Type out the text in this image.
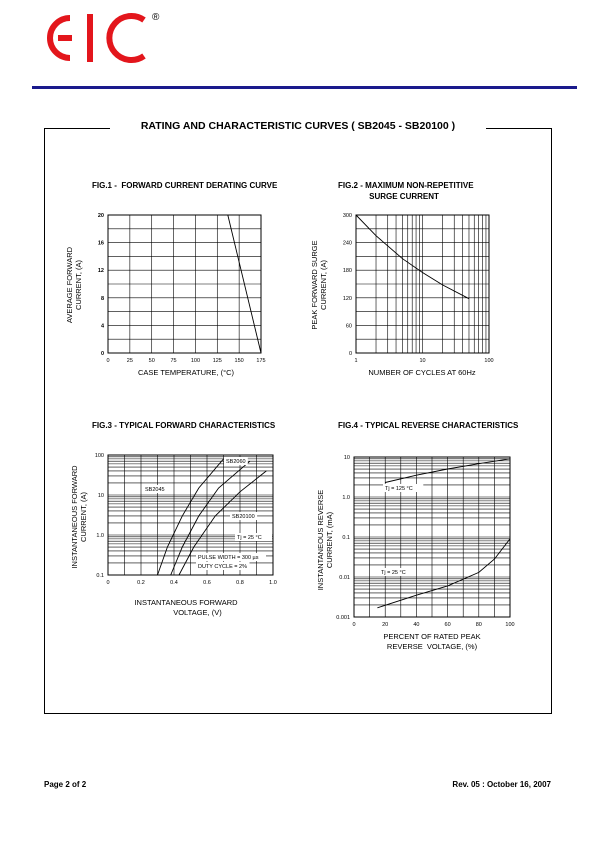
®
RATING AND CHARACTERISTIC CURVES ( SB2045 - SB20100 )
FIG.1 -  FORWARD CURRENT DERATING CURVE	FIG.2 - MAXIMUM NON-REPETITIVE
SURGE CURRENT
FIG.3 - TYPICAL FORWARD CHARACTERISTICS	FIG.4 - TYPICAL REVERSE CHARACTERISTICS
AVERAGE FORWARD
CURRENT, (A)
PEAK FORWARD SURGE
CURRENT, (A)
INSTANTANEOUS FORWARD
CURRENT, (A)
INSTANTANEOUS REVERSE
CURRENT, (mA)
CASE TEMPERATURE, (°C)	NUMBER OF CYCLES AT 60Hz
INSTANTANEOUS FORWARD
VOLTAGE, (V)
PERCENT OF RATED PEAK
REVERSE  VOLTAGE, (%)
0	25	50	75	100 125 150 175
0
4
8
12
16
20
1	10	100
0
60
120
180
240
300
0	0.2	0.4	0.6	0.8	1.0
0.1
1.0
10
100
SB2060
SB2045
SB20100
Tj = 25 °C
PULSE WIDTH = 300 µs
DUTY CYCLE = 2%
0	20	40	60	80	100
0.001
0.01
0.1
1.0
10
Tj = 125 °C
Tj = 25 °C
Page 2 of 2	Rev. 05 : October 16, 2007
